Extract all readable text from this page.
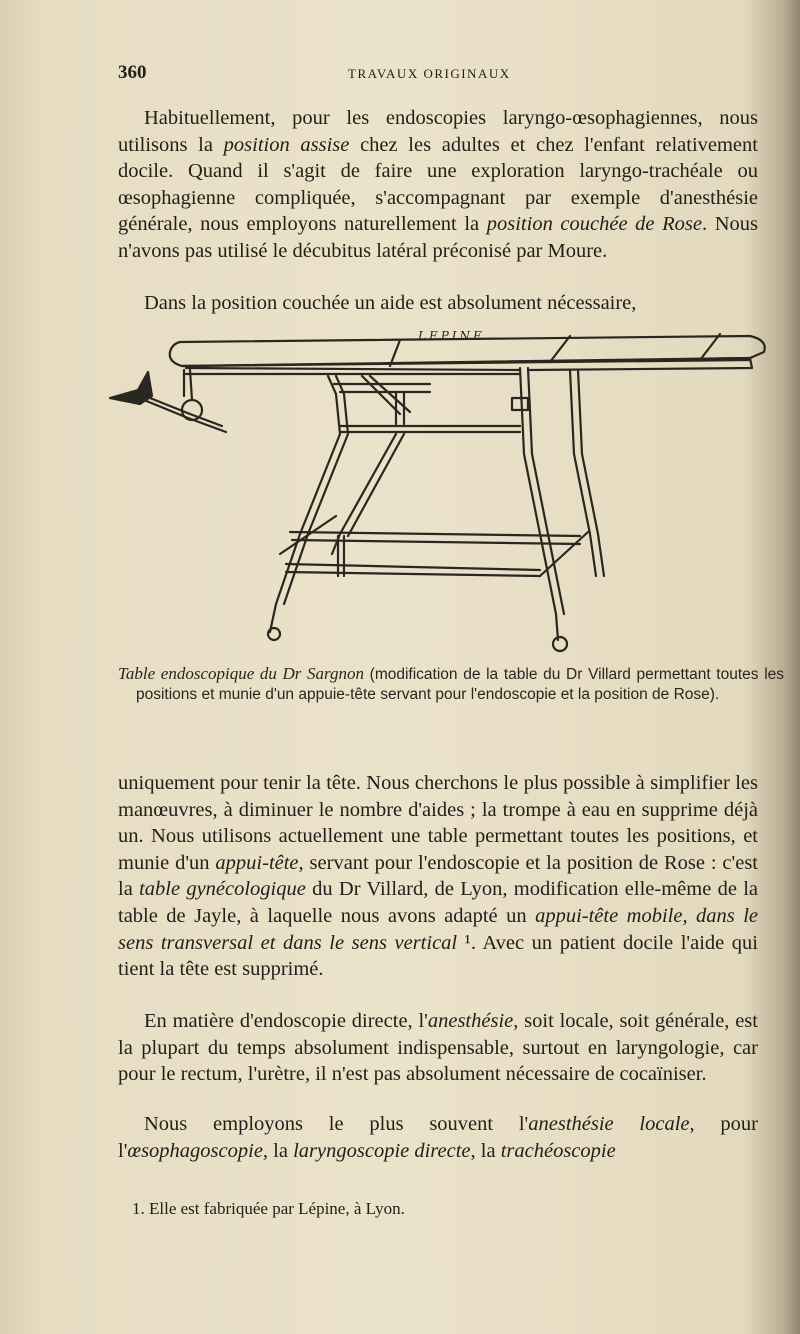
360	TRAVAUX ORIGINAUX

Habituellement, pour les endoscopies laryngo-œsophagiennes, nous utilisons la position assise chez les adultes et chez l'enfant relativement docile. Quand il s'agit de faire une exploration laryngo-trachéale ou œsophagienne compliquée, s'accompagnant par exemple d'anesthésie générale, nous employons naturellement la position couchée de Rose. Nous n'avons pas utilisé le décubitus latéral préconisé par Moure.

Dans la position couchée un aide est absolument nécessaire,

LEPINE

Table endoscopique du Dr Sargnon (modification de la table du Dr Villard permettant toutes les positions et munie d'un appuie-tête servant pour l'endoscopie et la position de Rose).

uniquement pour tenir la tête. Nous cherchons le plus possible à simplifier les manœuvres, à diminuer le nombre d'aides ; la trompe à eau en supprime déjà un. Nous utilisons actuellement une table permettant toutes les positions, et munie d'un appui-tête, servant pour l'endoscopie et la position de Rose : c'est la table gynécologique du Dr Villard, de Lyon, modification elle-même de la table de Jayle, à laquelle nous avons adapté un appui-tête mobile, dans le sens transversal et dans le sens vertical ¹. Avec un patient docile l'aide qui tient la tête est supprimé.

En matière d'endoscopie directe, l'anesthésie, soit locale, soit générale, est la plupart du temps absolument indispensable, surtout en laryngologie, car pour le rectum, l'urètre, il n'est pas absolument nécessaire de cocaïniser.

Nous employons le plus souvent l'anesthésie locale, pour l'œsophagoscopie, la laryngoscopie directe, la trachéoscopie

1. Elle est fabriquée par Lépine, à Lyon.
